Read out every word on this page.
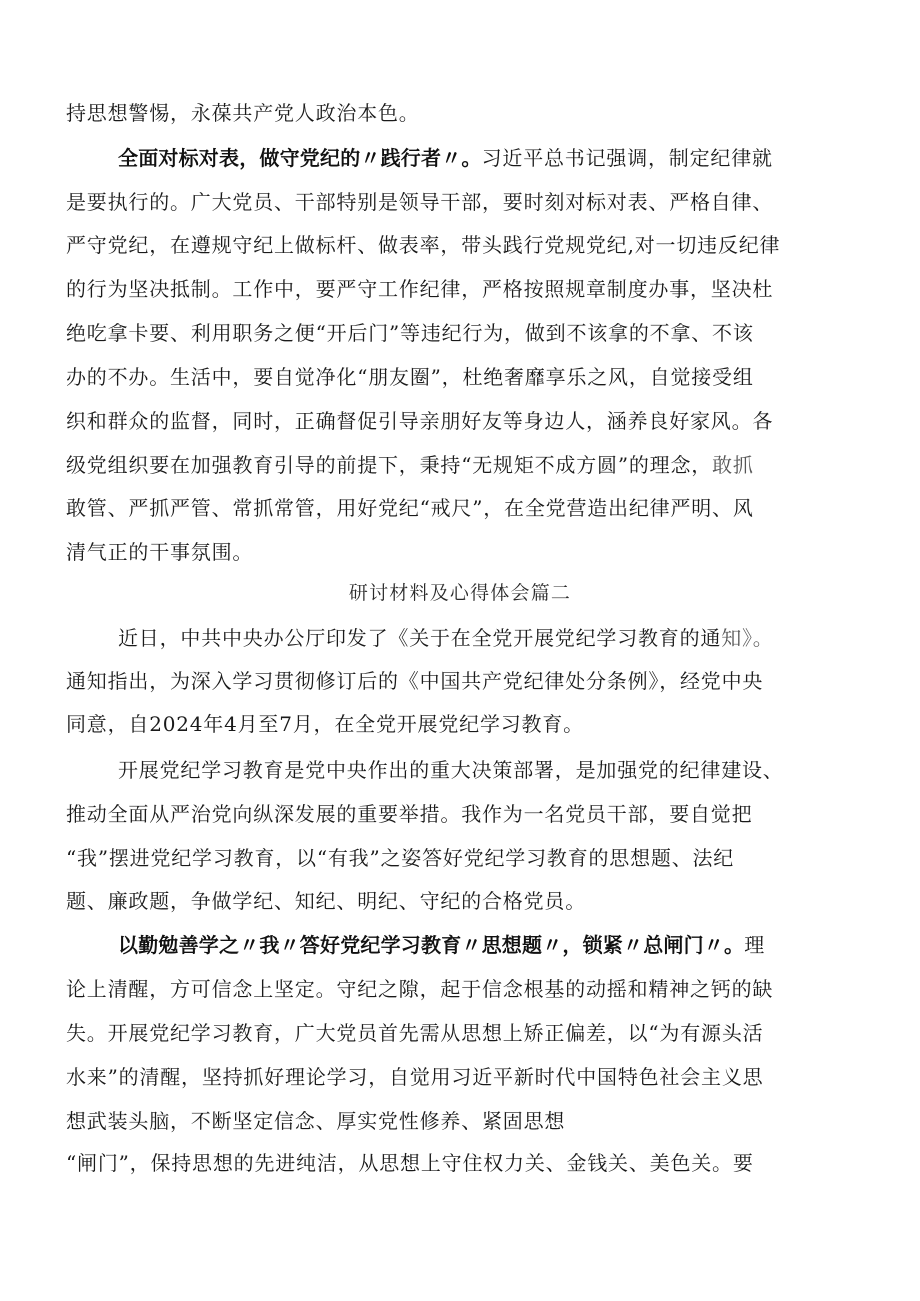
持思想警惕，永葆共产党人政治本色。
全面对标对表，做守党纪的〃践行者〃。习近平总书记强调，制定纪律就
是要执行的。广大党员、干部特别是领导干部，要时刻对标对表、严格自律、
严守党纪，在遵规守纪上做标杆、做表率，带头践行党规党纪,对一切违反纪律
的行为坚决抵制。工作中，要严守工作纪律，严格按照规章制度办事，坚决杜
绝吃拿卡要、利用职务之便“开后门”等违纪行为，做到不该拿的不拿、不该
办的不办。生活中，要自觉净化“朋友圈”，杜绝奢靡享乐之风，自觉接受组
织和群众的监督，同时，正确督促引导亲朋好友等身边人，涵养良好家风。各
级党组织要在加强教育引导的前提下，秉持“无规矩不成方圆”的理念，敢抓
敢管、严抓严管、常抓常管，用好党纪“戒尺”，在全党营造出纪律严明、风
清气正的干事氛围。
研讨材料及心得体会篇二
近日，中共中央办公厅印发了《关于在全党开展党纪学习教育的通知》。
通知指出，为深入学习贯彻修订后的《中国共产党纪律处分条例》，经党中央
同意，自2024年4月至7月，在全党开展党纪学习教育。
开展党纪学习教育是党中央作出的重大决策部署，是加强党的纪律建设、
推动全面从严治党向纵深发展的重要举措。我作为一名党员干部，要自觉把
“我”摆进党纪学习教育，以“有我”之姿答好党纪学习教育的思想题、法纪
题、廉政题，争做学纪、知纪、明纪、守纪的合格党员。
以勤勉善学之〃我〃答好党纪学习教育〃思想题〃，锁紧〃总闸门〃。理
论上清醒，方可信念上坚定。守纪之隙，起于信念根基的动摇和精神之钙的缺
失。开展党纪学习教育，广大党员首先需从思想上矫正偏差，以“为有源头活
水来”的清醒，坚持抓好理论学习，自觉用习近平新时代中国特色社会主义思
想武装头脑，不断坚定信念、厚实党性修养、紧固思想
“闸门”，保持思想的先进纯洁，从思想上守住权力关、金钱关、美色关。要
